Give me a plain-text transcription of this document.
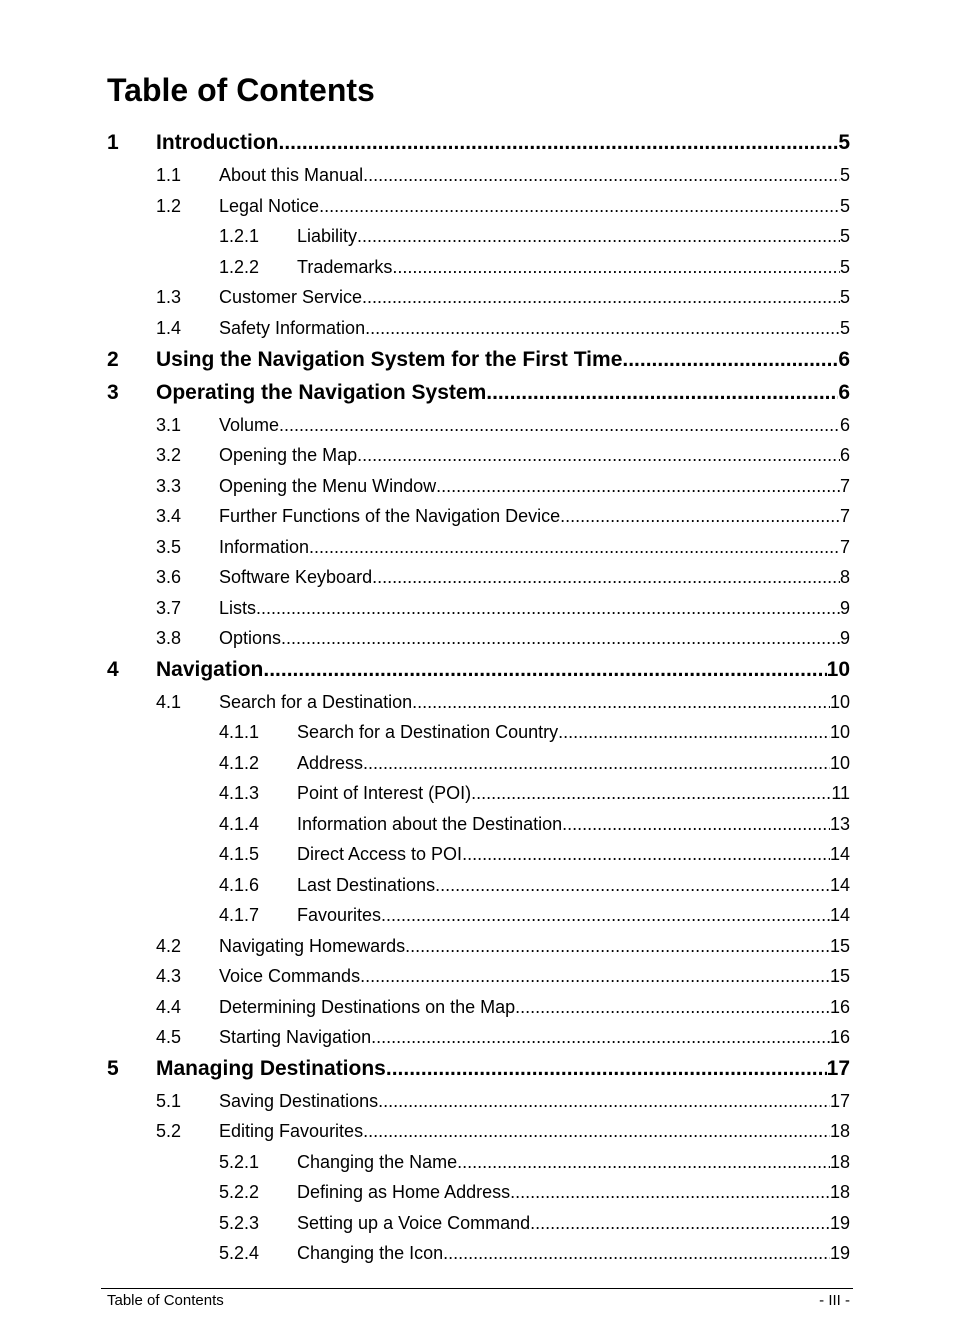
Table of Contents
1 Introduction .....	5
1.1 About this Manual .....	5
1.2 Legal Notice .....	5
1.2.1 Liability .....	5
1.2.2 Trademarks .....	5
1.3 Customer Service .....	5
1.4 Safety Information .....	5
2 Using the Navigation System for the First Time .....	6
3 Operating the Navigation System .....	6
3.1 Volume .....	6
3.2 Opening the Map .....	6
3.3 Opening the Menu Window .....	7
3.4 Further Functions of the Navigation Device .....	7
3.5 Information .....	7
3.6 Software Keyboard .....	8
3.7 Lists .....	9
3.8 Options .....	9
4 Navigation .....	10
4.1 Search for a Destination .....	10
4.1.1 Search for a Destination Country .....	10
4.1.2 Address .....	10
4.1.3 Point of Interest (POI) .....	11
4.1.4 Information about the Destination .....	13
4.1.5 Direct Access to POI .....	14
4.1.6 Last Destinations .....	14
4.1.7 Favourites .....	14
4.2 Navigating Homewards .....	15
4.3 Voice Commands .....	15
4.4 Determining Destinations on the Map .....	16
4.5 Starting Navigation .....	16
5 Managing Destinations .....	17
5.1 Saving Destinations .....	17
5.2 Editing Favourites .....	18
5.2.1 Changing the Name .....	18
5.2.2 Defining as Home Address .....	18
5.2.3 Setting up a Voice Command .....	19
5.2.4 Changing the Icon .....	19
Table of Contents	- III -
